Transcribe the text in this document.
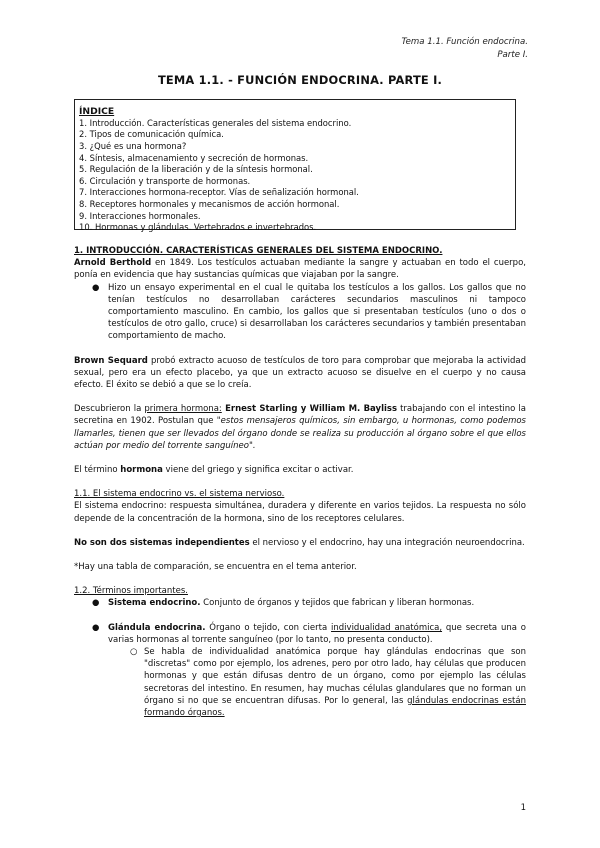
Tema 1.1. Función endocrina.
Parte I.
TEMA 1.1. - FUNCIÓN ENDOCRINA. PARTE I.
ÍNDICE
1. Introducción. Características generales del sistema endocrino.
2. Tipos de comunicación química.
3. ¿Qué es una hormona?
4. Síntesis, almacenamiento y secreción de hormonas.
5. Regulación de la liberación y de la síntesis hormonal.
6. Circulación y transporte de hormonas.
7. Interacciones hormona-receptor. Vías de señalización hormonal.
8. Receptores hormonales y mecanismos de acción hormonal.
9. Interacciones hormonales.
10. Hormonas y glándulas. Vertebrados e invertebrados.

1. INTRODUCCIÓN. CARACTERÍSTICAS GENERALES DEL SISTEMA ENDOCRINO.

Arnold Berthold en 1849. Los testículos actuaban mediante la sangre y actuaban en todo el cuerpo, ponía en evidencia que hay sustancias químicas que viajaban por la sangre.

● Hizo un ensayo experimental en el cual le quitaba los testículos a los gallos. Los gallos que no tenían testículos no desarrollaban carácteres secundarios masculinos ni tampoco comportamiento masculino. En cambio, los gallos que si presentaban testículos (uno o dos o testículos de otro gallo, cruce) si desarrollaban los carácteres secundarios y también presentaban comportamiento de macho.

Brown Sequard probó extracto acuoso de testículos de toro para comprobar que mejoraba la actividad sexual, pero era un efecto placebo, ya que un extracto acuoso se disuelve en el cuerpo y no causa efecto. El éxito se debió a que se lo creía.

Descubrieron la primera hormona: Ernest Starling y William M. Bayliss trabajando con el intestino la secretina en 1902. Postulan que "estos mensajeros químicos, sin embargo, u hormonas, como podemos llamarles, tienen que ser llevados del órgano donde se realiza su producción al órgano sobre el que ellos actúan por medio del torrente sanguíneo".

El término hormona viene del griego y significa excitar o activar.

1.1. El sistema endocrino vs. el sistema nervioso.

El sistema endocrino: respuesta simultánea, duradera y diferente en varios tejidos. La respuesta no sólo depende de la concentración de la hormona, sino de los receptores celulares.

No son dos sistemas independientes el nervioso y el endocrino, hay una integración neuroendocrina.

*Hay una tabla de comparación, se encuentra en el tema anterior.

1.2. Términos importantes.

● Sistema endocrino. Conjunto de órganos y tejidos que fabrican y liberan hormonas.
● Glándula endocrina. Órgano o tejido, con cierta individualidad anatómica, que secreta una o varias hormonas al torrente sanguíneo (por lo tanto, no presenta conducto).
○ Se habla de individualidad anatómica porque hay glándulas endocrinas que son "discretas" como por ejemplo, los adrenes, pero por otro lado, hay células que producen hormonas y que están difusas dentro de un órgano, como por ejemplo las células secretoras del intestino. En resumen, hay muchas células glandulares que no forman un órgano si no que se encuentran difusas. Por lo general, las glándulas endocrinas están formando órganos.
1
